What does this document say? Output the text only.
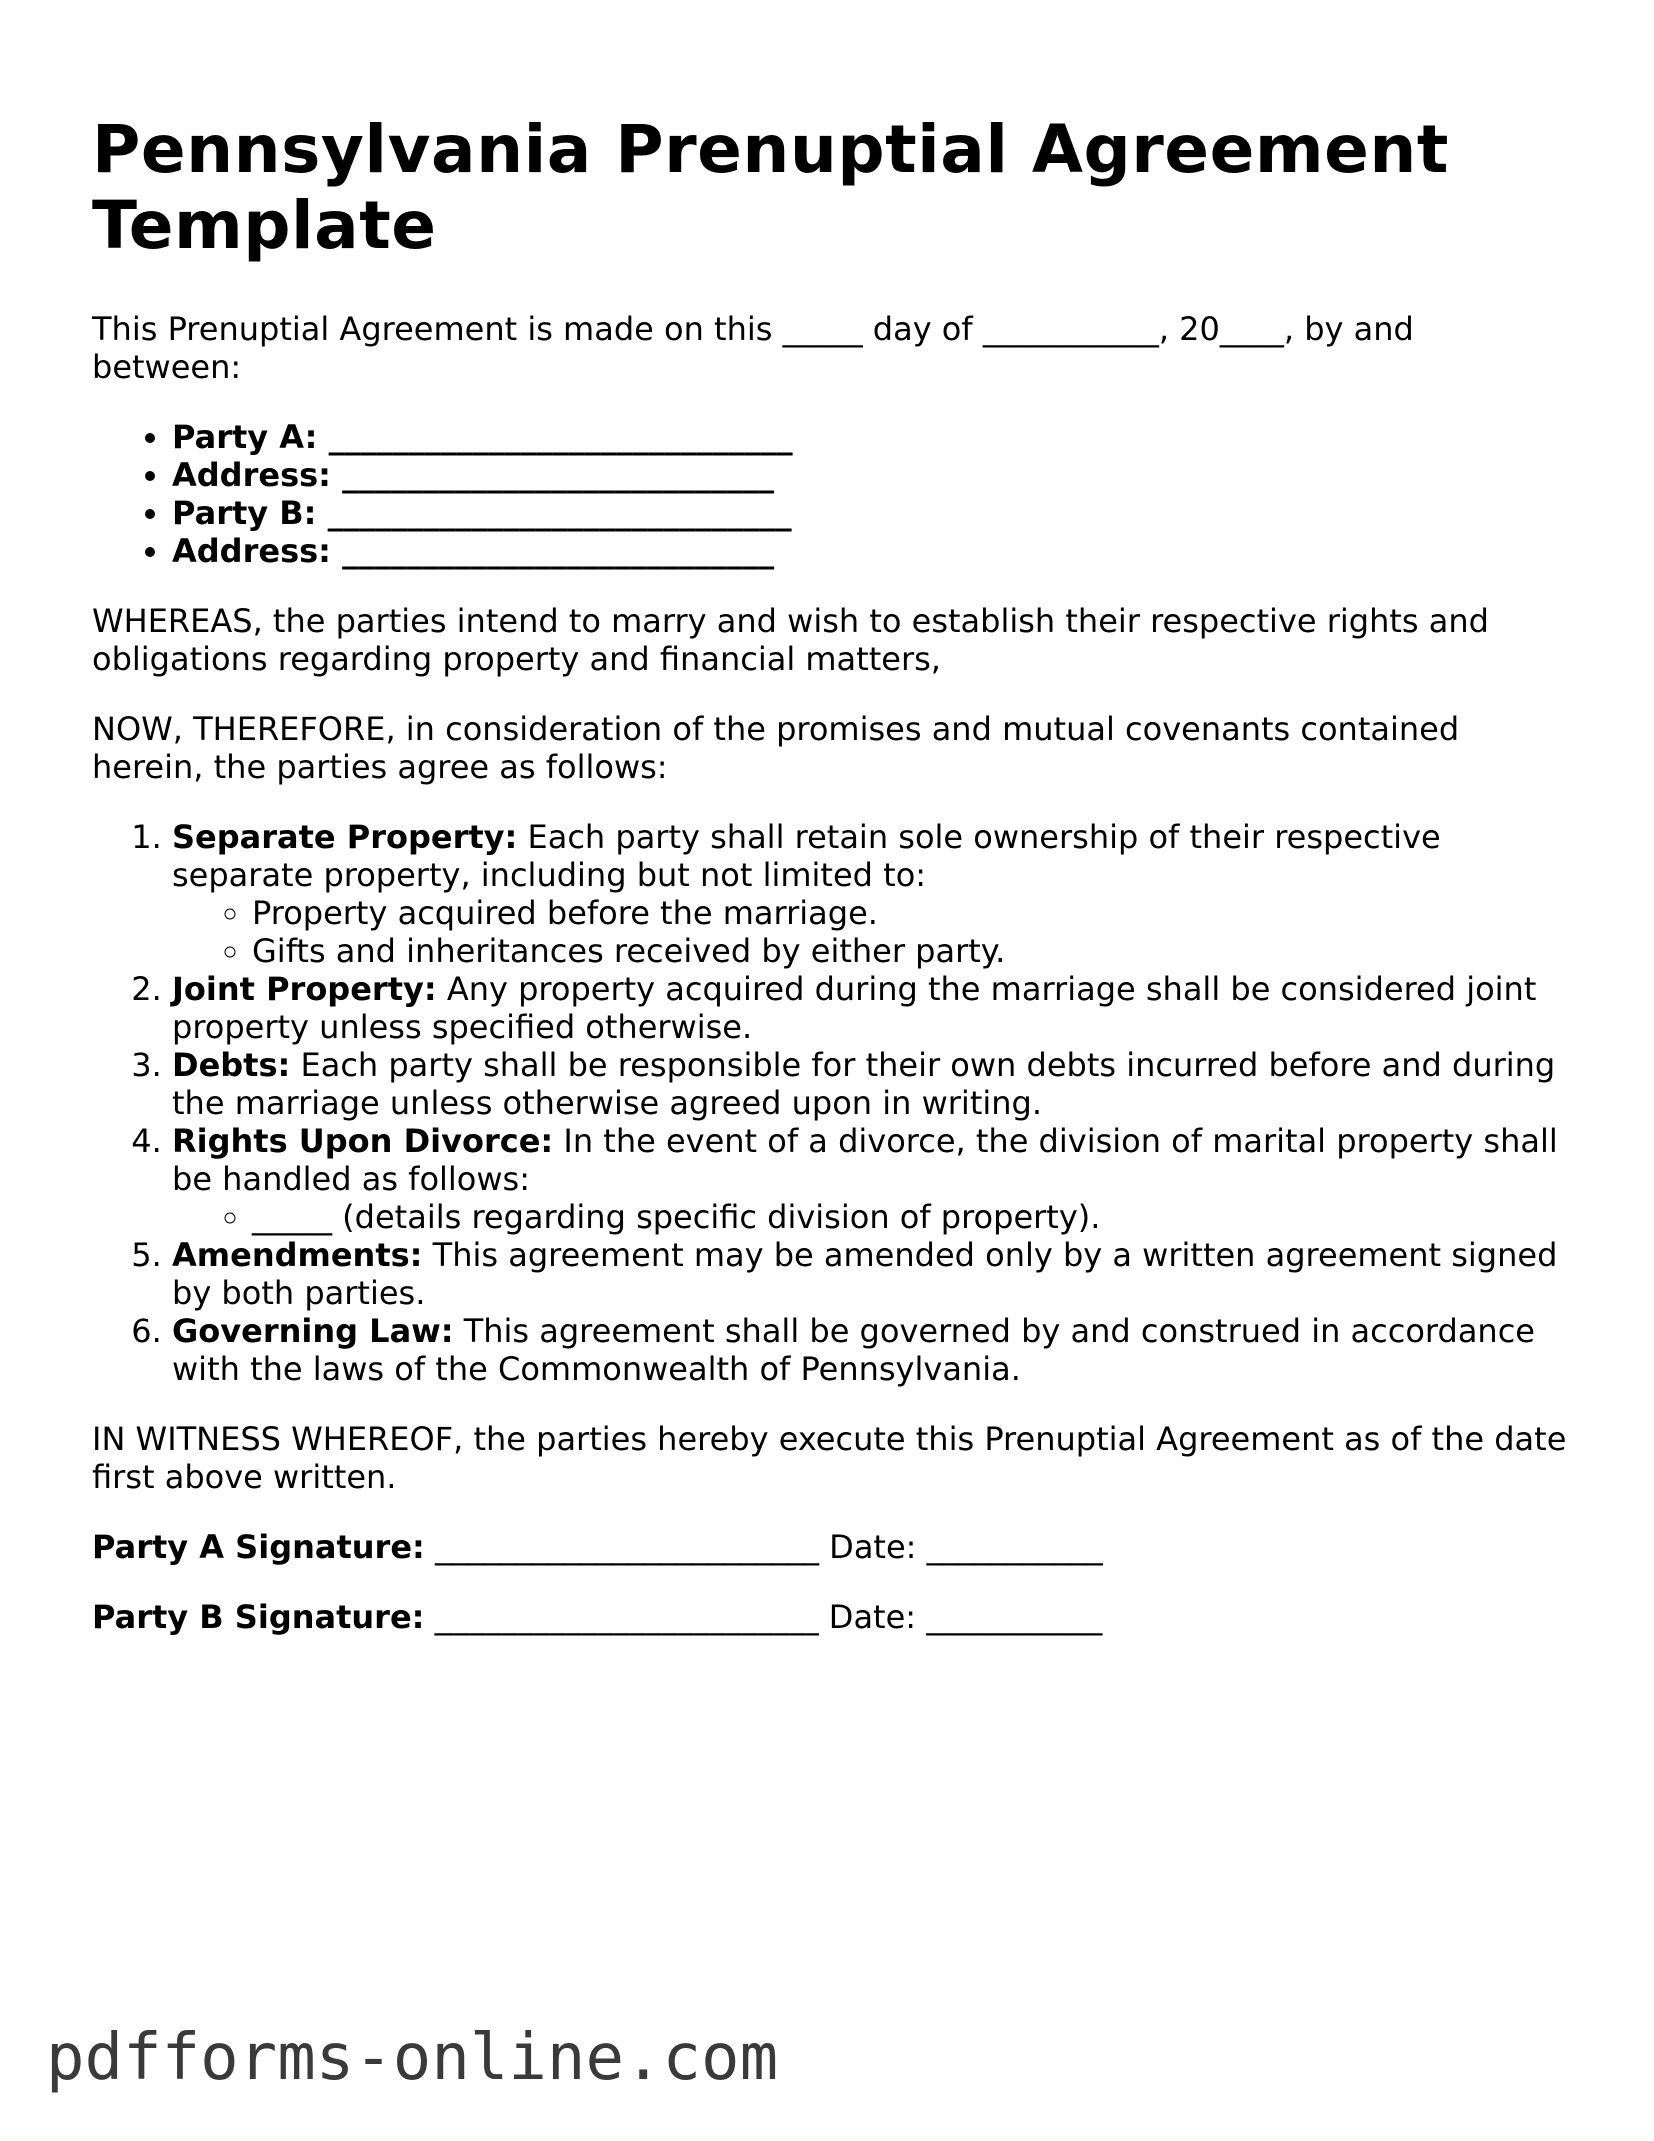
Pennsylvania Prenuptial Agreement Template

This Prenuptial Agreement is made on this _____ day of ___________, 20____, by and between:

• Party A: _____________________________
• Address: ___________________________
• Party B: _____________________________
• Address: ___________________________

WHEREAS, the parties intend to marry and wish to establish their respective rights and obligations regarding property and financial matters,

NOW, THEREFORE, in consideration of the promises and mutual covenants contained herein, the parties agree as follows:

1. Separate Property: Each party shall retain sole ownership of their respective separate property, including but not limited to:
◦ Property acquired before the marriage.
◦ Gifts and inheritances received by either party.
2. Joint Property: Any property acquired during the marriage shall be considered joint property unless specified otherwise.
3. Debts: Each party shall be responsible for their own debts incurred before and during the marriage unless otherwise agreed upon in writing.
4. Rights Upon Divorce: In the event of a divorce, the division of marital property shall be handled as follows:
◦ _____ (details regarding specific division of property).
5. Amendments: This agreement may be amended only by a written agreement signed by both parties.
6. Governing Law: This agreement shall be governed by and construed in accordance with the laws of the Commonwealth of Pennsylvania.

IN WITNESS WHEREOF, the parties hereby execute this Prenuptial Agreement as of the date first above written.

Party A Signature: ________________________ Date: ___________

Party B Signature: ________________________ Date: ___________

pdfforms-online.com
